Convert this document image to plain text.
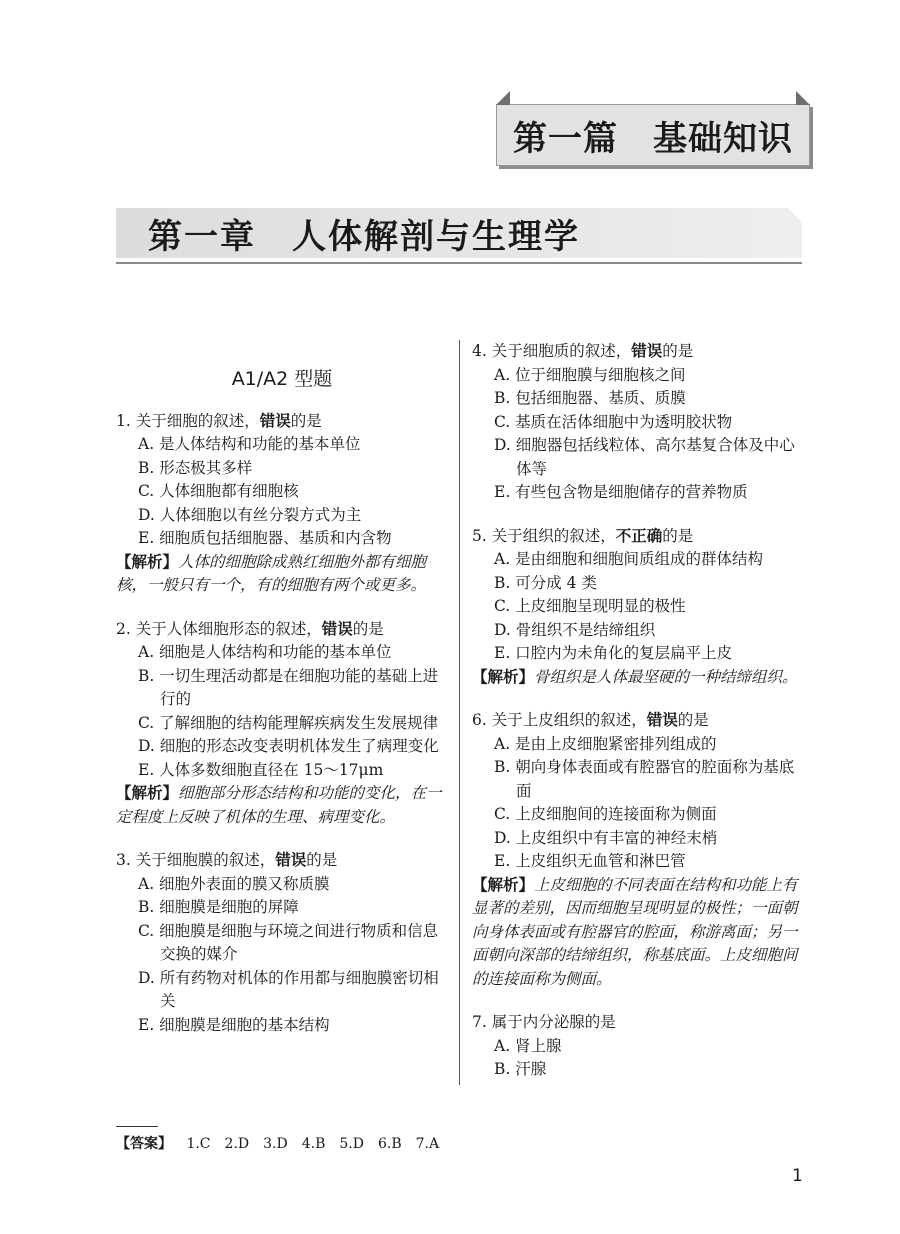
第一篇　基础知识
第一章　人体解剖与生理学
A1/A2 型题
1. 关于细胞的叙述，错误的是
A. 是人体结构和功能的基本单位
B. 形态极其多样
C. 人体细胞都有细胞核
D. 人体细胞以有丝分裂方式为主
E. 细胞质包括细胞器、基质和内含物
【解析】人体的细胞除成熟红细胞外都有细胞核，一般只有一个，有的细胞有两个或更多。
2. 关于人体细胞形态的叙述，错误的是
A. 细胞是人体结构和功能的基本单位
B. 一切生理活动都是在细胞功能的基础上进行的
C. 了解细胞的结构能理解疾病发生发展规律
D. 细胞的形态改变表明机体发生了病理变化
E. 人体多数细胞直径在 15～17μm
【解析】细胞部分形态结构和功能的变化，在一定程度上反映了机体的生理、病理变化。
3. 关于细胞膜的叙述，错误的是
A. 细胞外表面的膜又称质膜
B. 细胞膜是细胞的屏障
C. 细胞膜是细胞与环境之间进行物质和信息交换的媒介
D. 所有药物对机体的作用都与细胞膜密切相关
E. 细胞膜是细胞的基本结构
4. 关于细胞质的叙述，错误的是
A. 位于细胞膜与细胞核之间
B. 包括细胞器、基质、质膜
C. 基质在活体细胞中为透明胶状物
D. 细胞器包括线粒体、高尔基复合体及中心体等
E. 有些包含物是细胞储存的营养物质
5. 关于组织的叙述，不正确的是
A. 是由细胞和细胞间质组成的群体结构
B. 可分成 4 类
C. 上皮细胞呈现明显的极性
D. 骨组织不是结缔组织
E. 口腔内为未角化的复层扁平上皮
【解析】骨组织是人体最坚硬的一种结缔组织。
6. 关于上皮组织的叙述，错误的是
A. 是由上皮细胞紧密排列组成的
B. 朝向身体表面或有腔器官的腔面称为基底面
C. 上皮细胞间的连接面称为侧面
D. 上皮组织中有丰富的神经末梢
E. 上皮组织无血管和淋巴管
【解析】上皮细胞的不同表面在结构和功能上有显著的差别，因而细胞呈现明显的极性；一面朝向身体表面或有腔器官的腔面，称游离面；另一面朝向深部的结缔组织，称基底面。上皮细胞间的连接面称为侧面。
7. 属于内分泌腺的是
A. 肾上腺
B. 汗腺
【答案】 1.C 2.D 3.D 4.B 5.D 6.B 7.A
1
